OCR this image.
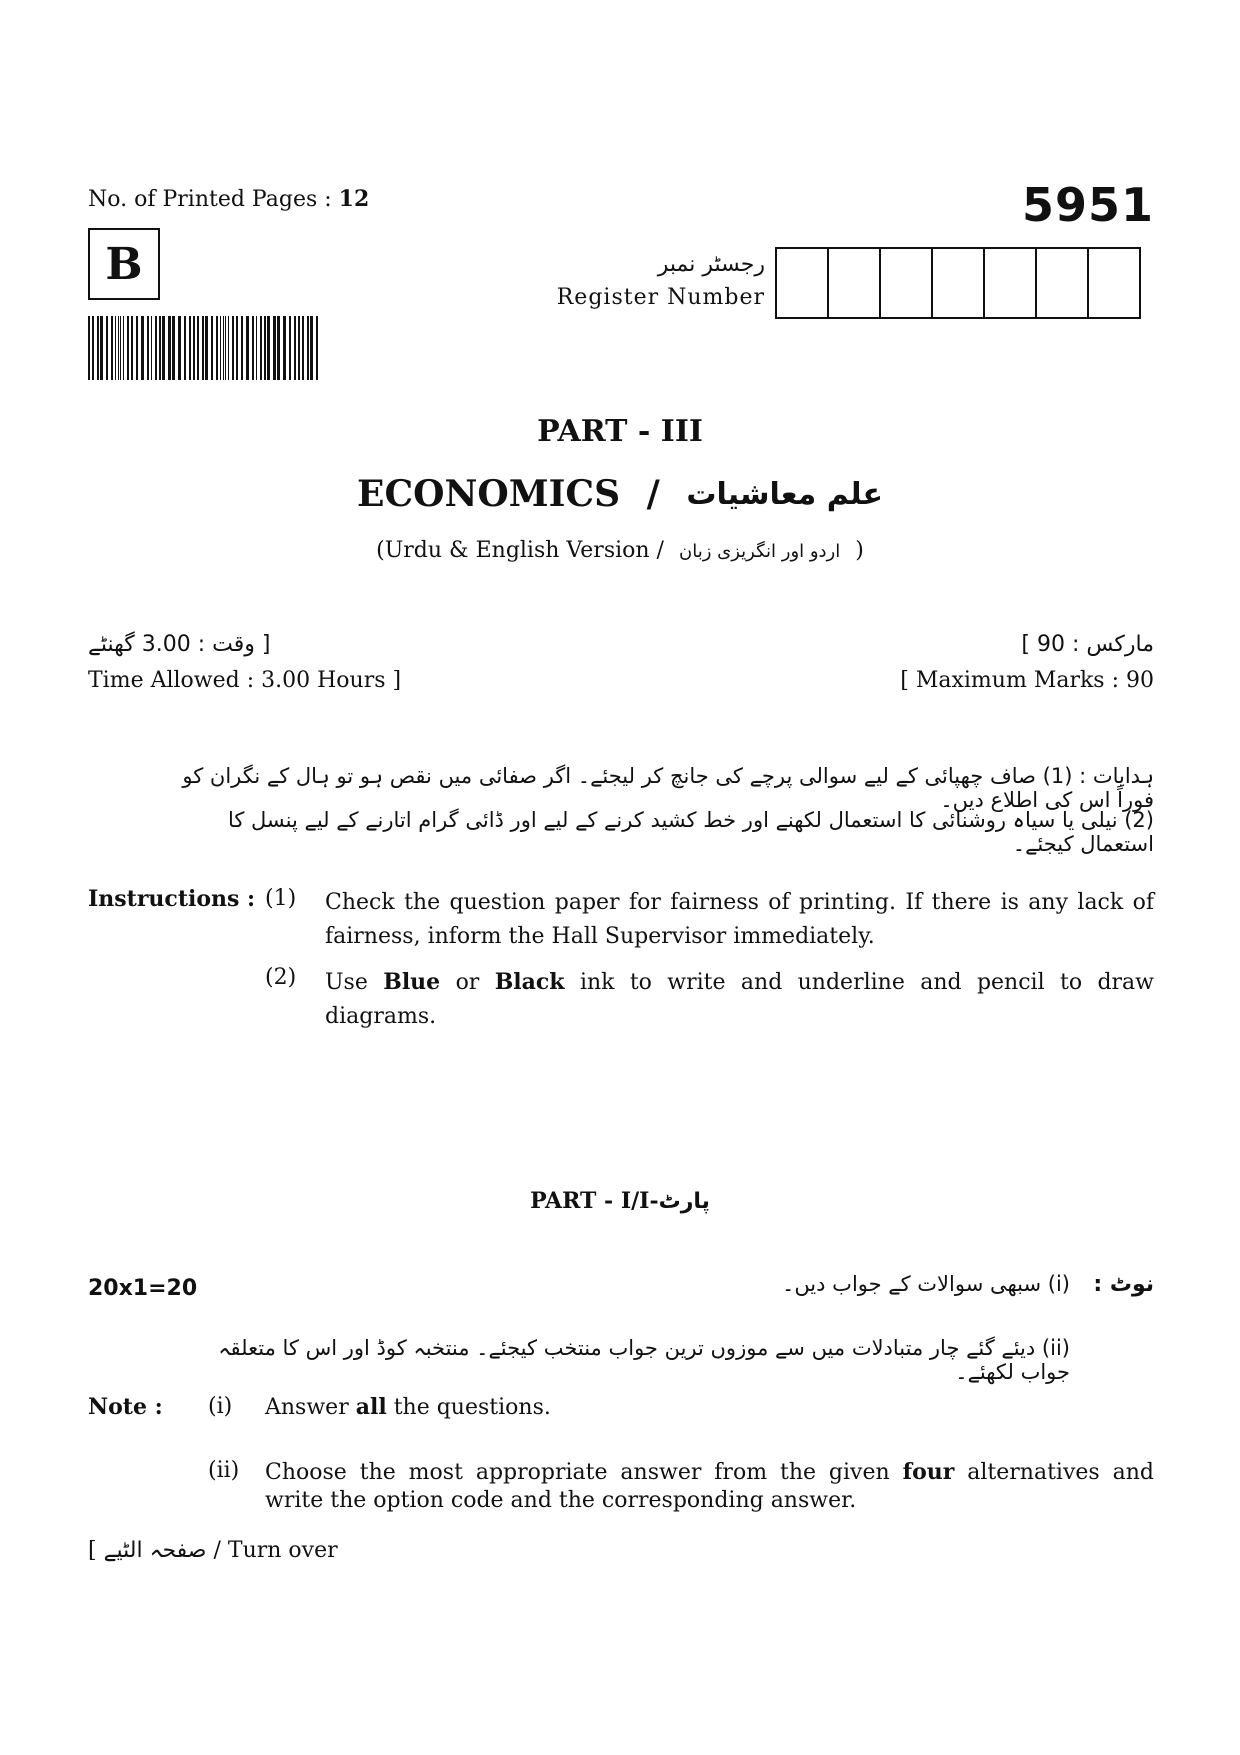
No. of Printed Pages : 12	5951
B	رجسٹر نمبر
Register Number
PART - III
ECONOMICS / علم معاشیات
(Urdu & English Version / اردو اور انگریزی زبان )
[ وقت : 3.00 گھنٹے
Time Allowed : 3.00 Hours ]
مارکس : 90 ]
[ Maximum Marks : 90
ہدایات : (1) صاف چھپائی کے لیے سوالی پرچے کی جانچ کر لیجئے۔ اگر صفائی میں نقص ہو تو ہال کے نگران کو فوراً اس کی اطلاع دیں۔
(2) نیلی یا سیاہ روشنائی کا استعمال لکھنے اور خط کشید کرنے کے لیے اور ڈائی گرام اتارنے کے لیے پنسل کا استعمال کیجئے۔
Instructions : (1) Check the question paper for fairness of printing. If there is any lack of fairness, inform the Hall Supervisor immediately.
(2) Use Blue or Black ink to write and underline and pencil to draw diagrams.
PART - I/I-پارٹ
20x1=20	نوٹ :
(i) سبھی سوالات کے جواب دیں۔
(ii) دیئے گئے چار متبادلات میں سے موزوں ترین جواب منتخب کیجئے۔ منتخبہ کوڈ اور اس کا متعلقہ جواب لکھئے۔
Note : (i) Answer all the questions.
(ii) Choose the most appropriate answer from the given four alternatives and write the option code and the corresponding answer.
[ صفحہ الٹیے / Turn over
